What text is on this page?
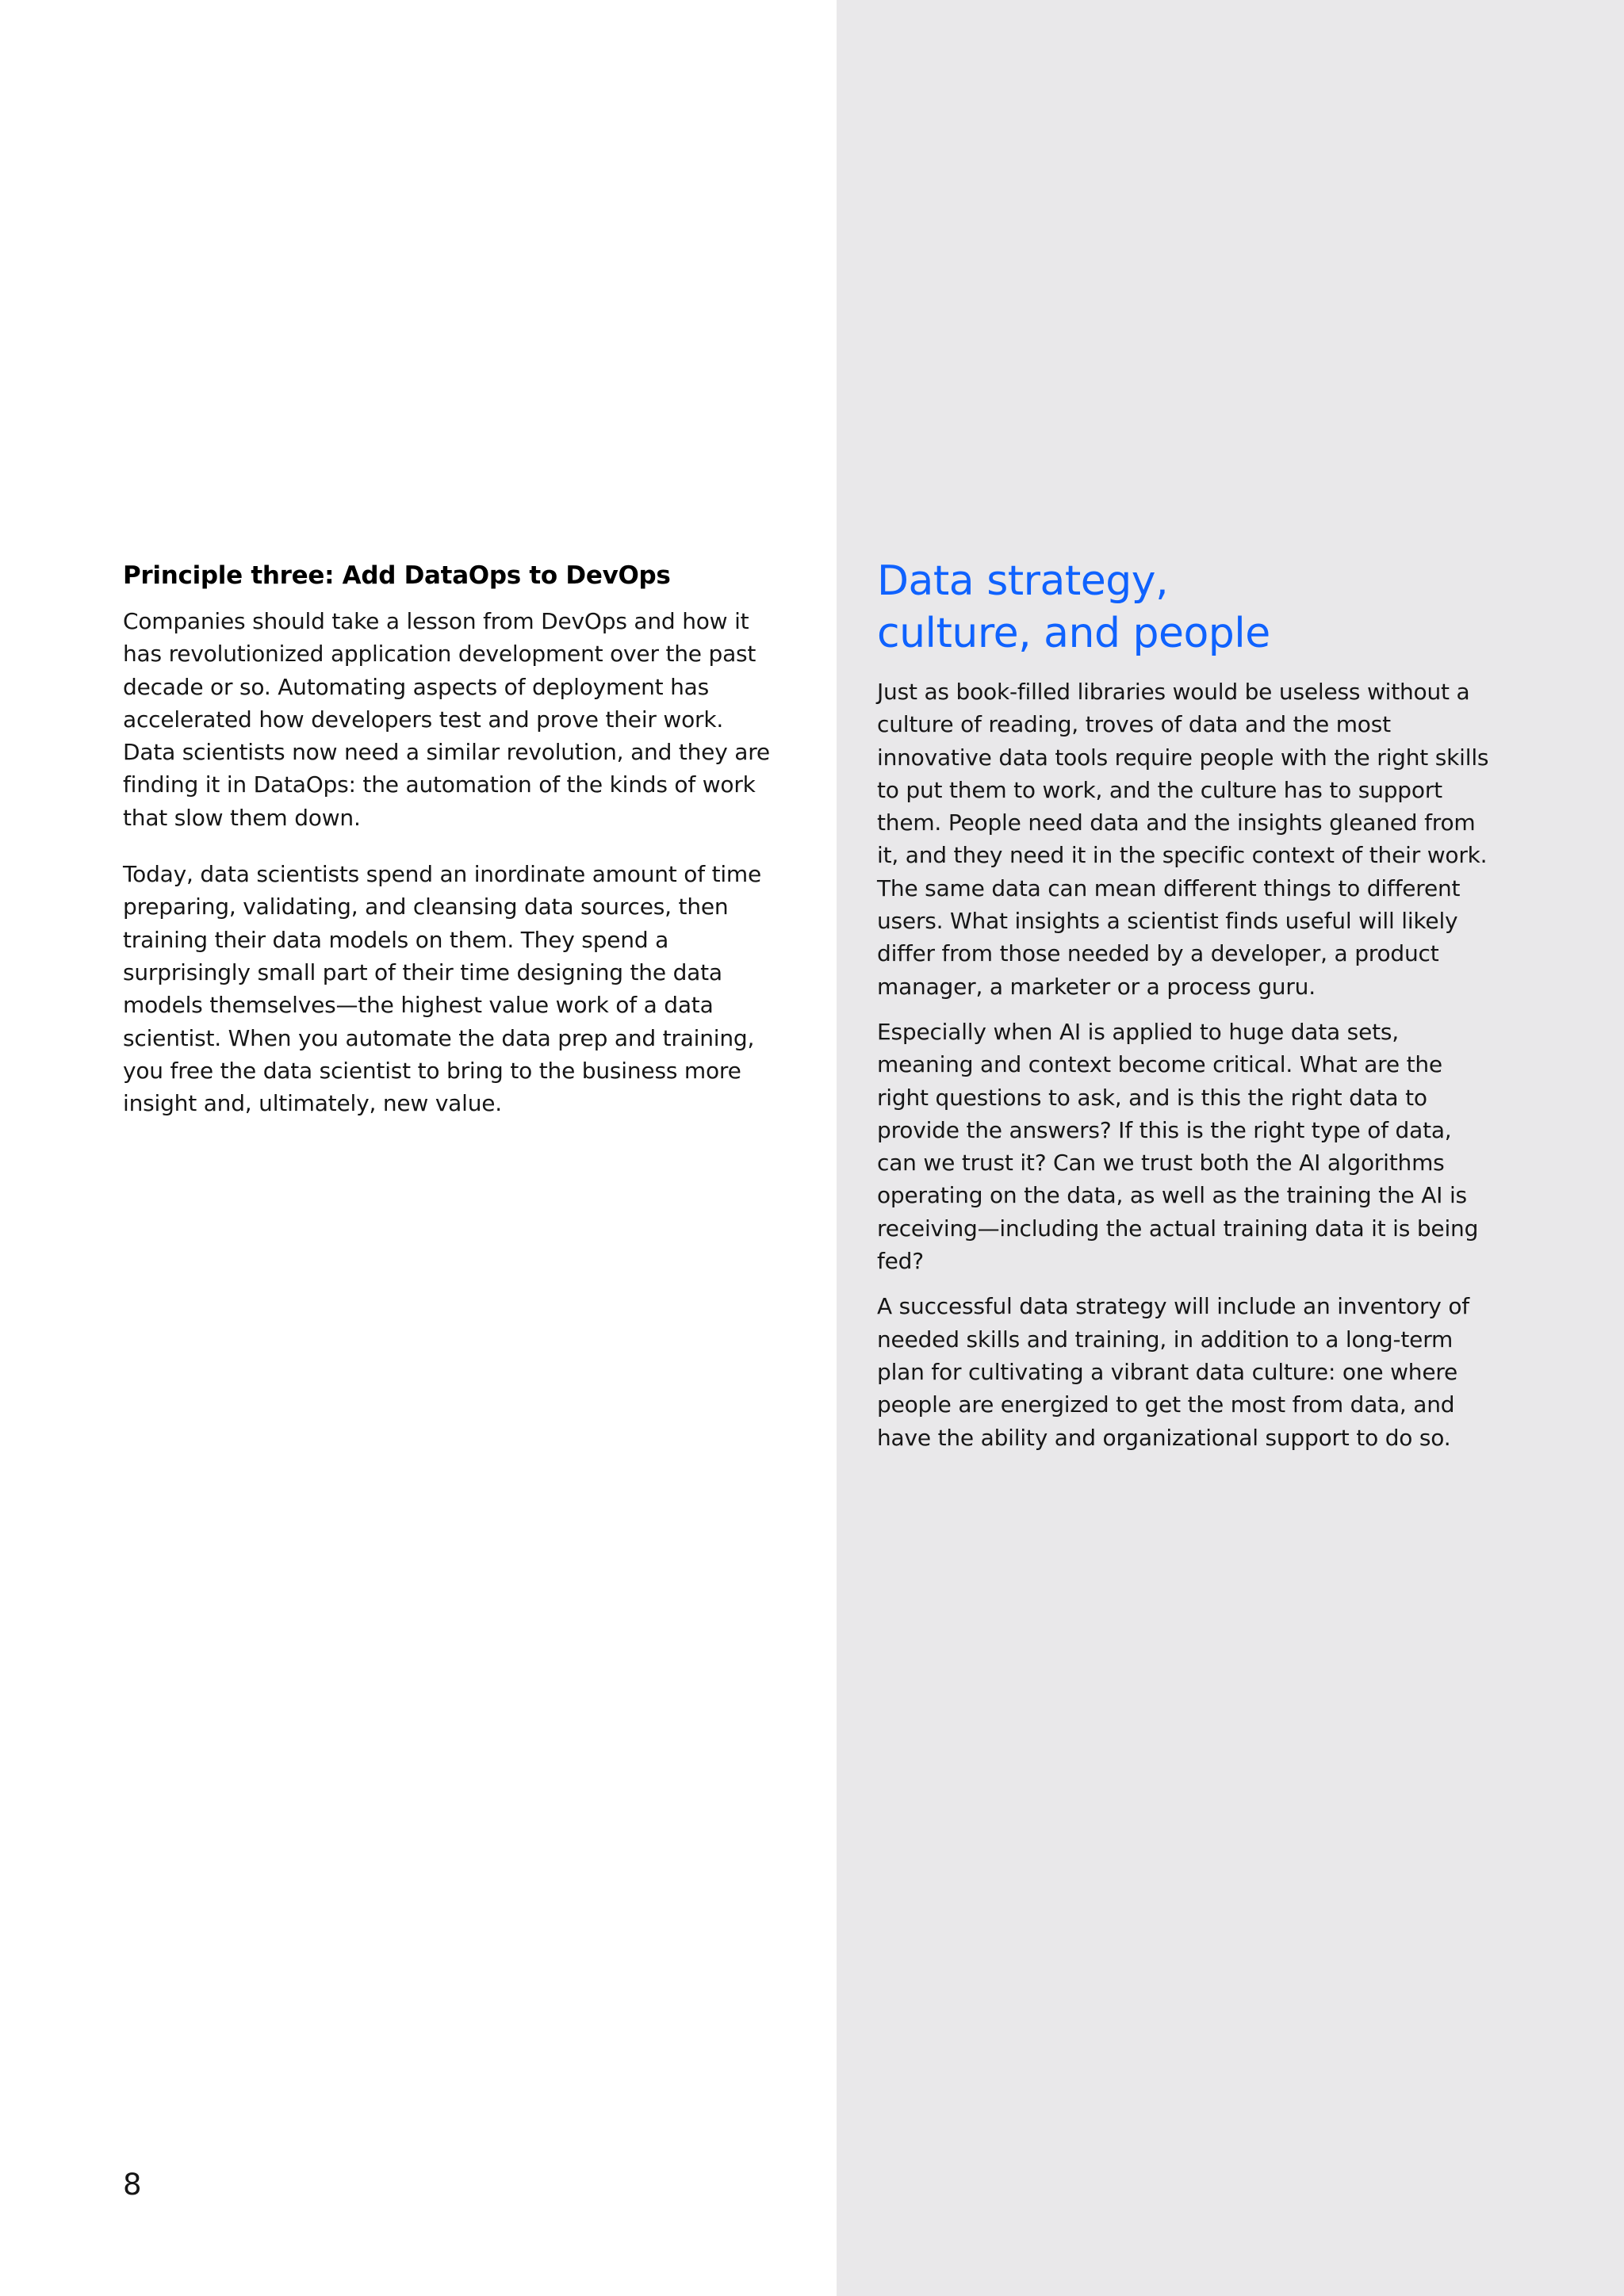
Principle three: Add DataOps to DevOps

Companies should take a lesson from DevOps and how it has revolutionized application development over the past decade or so. Automating aspects of deployment has accelerated how developers test and prove their work. Data scientists now need a similar revolution, and they are finding it in DataOps: the automation of the kinds of work that slow them down.

Today, data scientists spend an inordinate amount of time preparing, validating, and cleansing data sources, then training their data models on them. They spend a surprisingly small part of their time designing the data models themselves—the highest value work of a data scientist. When you automate the data prep and training, you free the data scientist to bring to the business more insight and, ultimately, new value.

Data strategy,
culture, and people

Just as book-filled libraries would be useless without a culture of reading, troves of data and the most innovative data tools require people with the right skills to put them to work, and the culture has to support them. People need data and the insights gleaned from it, and they need it in the specific context of their work. The same data can mean different things to different users. What insights a scientist finds useful will likely differ from those needed by a developer, a product manager, a marketer or a process guru.

Especially when AI is applied to huge data sets, meaning and context become critical. What are the right questions to ask, and is this the right data to provide the answers? If this is the right type of data, can we trust it? Can we trust both the AI algorithms operating on the data, as well as the training the AI is receiving—including the actual training data it is being fed?

A successful data strategy will include an inventory of needed skills and training, in addition to a long-term plan for cultivating a vibrant data culture: one where people are energized to get the most from data, and have the ability and organizational support to do so.

8
